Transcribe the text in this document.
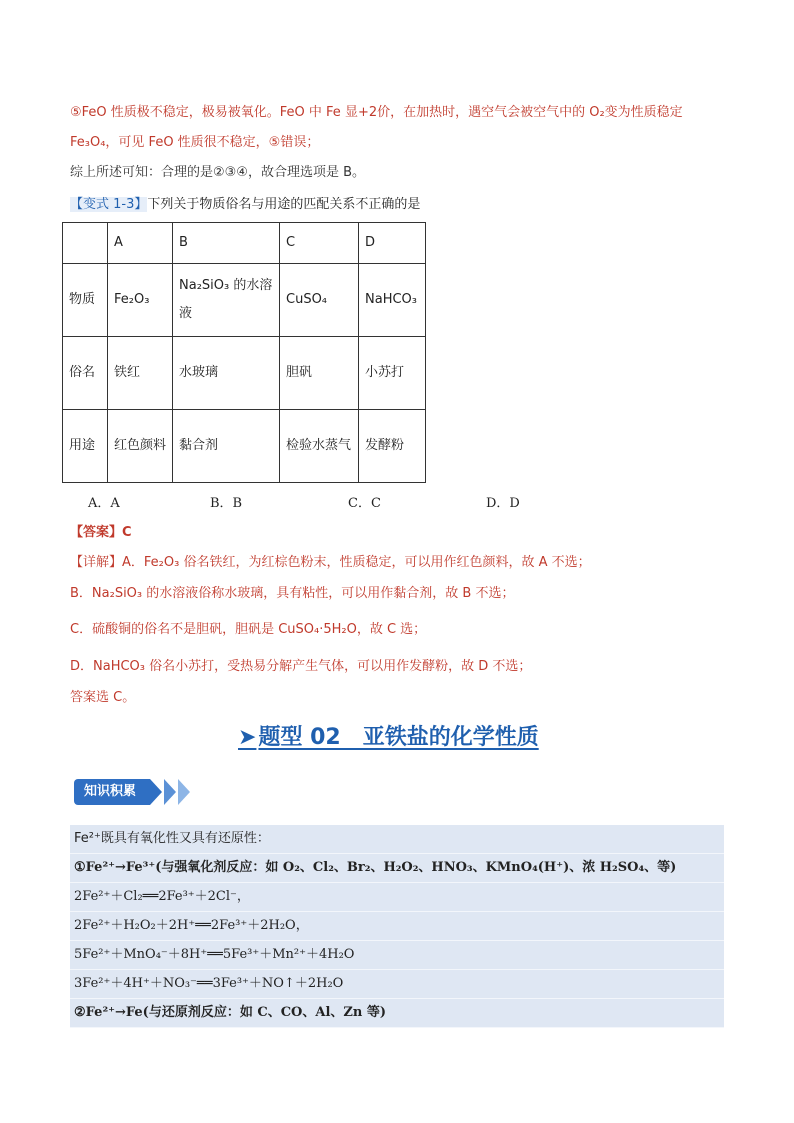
⑤FeO 性质极不稳定，极易被氧化。FeO 中 Fe 显+2价，在加热时，遇空气会被空气中的 O₂变为性质稳定
Fe₃O₄，可见 FeO 性质很不稳定，⑤错误；
综上所述可知：合理的是②③④，故合理选项是 B。
【变式 1-3】下列关于物质俗名与用途的匹配关系不正确的是
	A	B	C	D
物质	Fe₂O₃	Na₂SiO₃ 的水溶液	CuSO₄	NaHCO₃
俗名	铁红	水玻璃	胆矾	小苏打
用途	红色颜料	黏合剂	检验水蒸气	发酵粉
A．A	B．B	C．C	D．D
【答案】C
【详解】A．Fe₂O₃ 俗名铁红，为红棕色粉末，性质稳定，可以用作红色颜料，故 A 不选；
B．Na₂SiO₃ 的水溶液俗称水玻璃，具有粘性，可以用作黏合剂，故 B 不选；
C．硫酸铜的俗名不是胆矾，胆矾是 CuSO₄·5H₂O，故 C 选；
D．NaHCO₃ 俗名小苏打，受热易分解产生气体，可以用作发酵粉，故 D 不选；
答案选 C。
➤题型 02　亚铁盐的化学性质
知识积累
Fe²⁺既具有氧化性又具有还原性：
①Fe²⁺→Fe³⁺(与强氧化剂反应：如 O₂、Cl₂、Br₂、H₂O₂、HNO₃、KMnO₄(H⁺)、浓 H₂SO₄、等)
2Fe²⁺＋Cl₂══2Fe³⁺＋2Cl⁻，
2Fe²⁺＋H₂O₂＋2H⁺══2Fe³⁺＋2H₂O，
5Fe²⁺＋MnO₄⁻＋8H⁺══5Fe³⁺＋Mn²⁺＋4H₂O
3Fe²⁺＋4H⁺＋NO₃⁻══3Fe³⁺＋NO↑＋2H₂O
②Fe²⁺→Fe(与还原剂反应：如 C、CO、Al、Zn 等)
